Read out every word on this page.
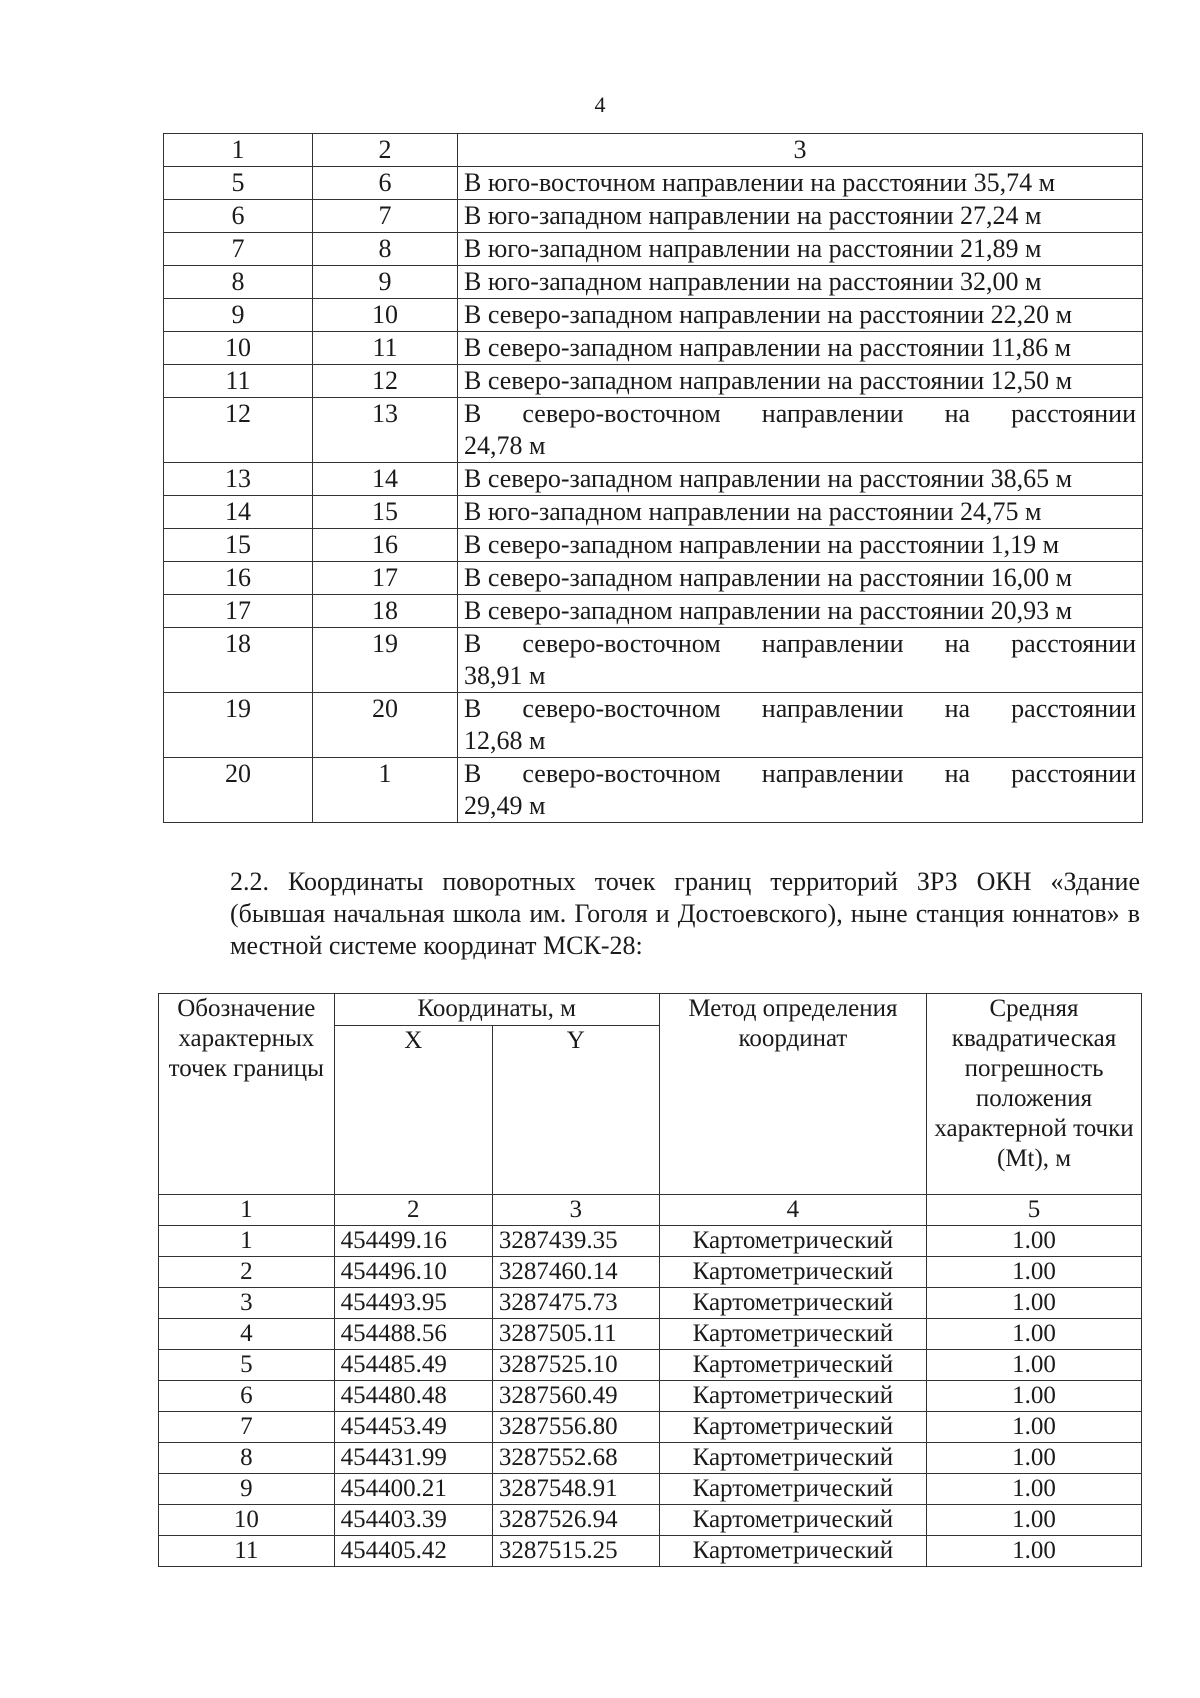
4
1	2	3
5	6	В юго-восточном направлении на расстоянии 35,74 м
6	7	В юго-западном направлении на расстоянии 27,24 м
7	8	В юго-западном направлении на расстоянии 21,89 м
8	9	В юго-западном направлении на расстоянии 32,00 м
9	10	В северо-западном направлении на расстоянии 22,20 м
10	11	В северо-западном направлении на расстоянии 11,86 м
11	12	В северо-западном направлении на расстоянии 12,50 м
12	13	В северо-восточном направлении на расстоянии
24,78 м

13	14	В северо-западном направлении на расстоянии 38,65 м
14	15	В юго-западном направлении на расстоянии 24,75 м
15	16	В северо-западном направлении на расстоянии 1,19 м
16	17	В северо-западном направлении на расстоянии 16,00 м
17	18	В северо-западном направлении на расстоянии 20,93 м
18	19	В северо-восточном направлении на расстоянии
38,91 м

19	20	В северо-восточном направлении на расстоянии
12,68 м

20	1	В северо-восточном направлении на расстоянии
29,49 м
2.2. Координаты поворотных точек границ территорий ЗРЗ ОКН «Здание (бывшая начальная школа им. Гоголя и Достоевского), ныне станция юннатов» в местной системе координат МСК-28:
Обозначение характерных точек границы	Координаты, м		Метод определения координат	Средняя квадратическая погрешность положения характерной точки (Mt), м
	X	Y		
1	2	3	4	5
1	454499.16	3287439.35	Картометрический	1.00
2	454496.10	3287460.14	Картометрический	1.00
3	454493.95	3287475.73	Картометрический	1.00
4	454488.56	3287505.11	Картометрический	1.00
5	454485.49	3287525.10	Картометрический	1.00
6	454480.48	3287560.49	Картометрический	1.00
7	454453.49	3287556.80	Картометрический	1.00
8	454431.99	3287552.68	Картометрический	1.00
9	454400.21	3287548.91	Картометрический	1.00
10	454403.39	3287526.94	Картометрический	1.00
11	454405.42	3287515.25	Картометрический	1.00
